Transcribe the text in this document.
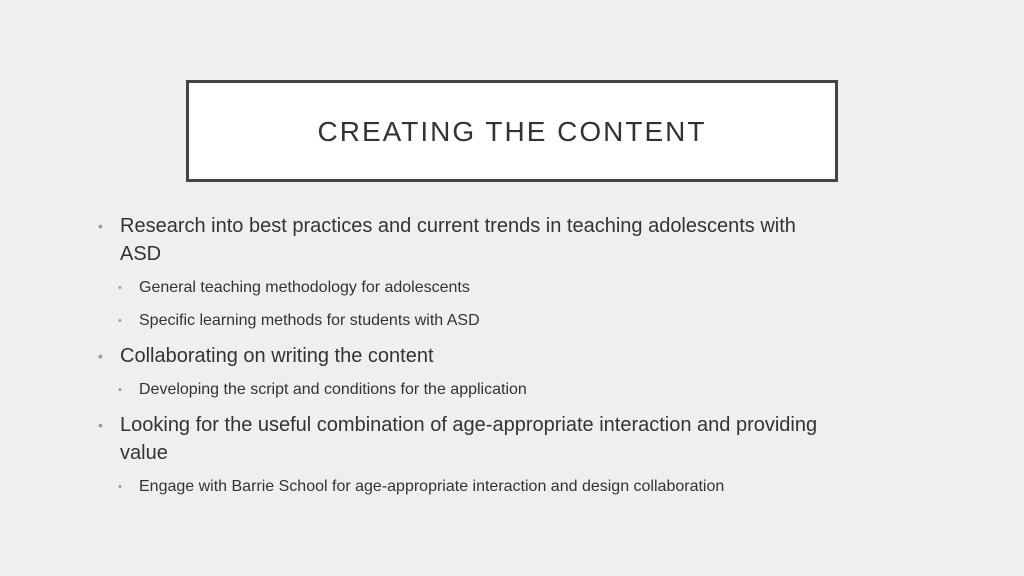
CREATING THE CONTENT
• Research into best practices and current trends in teaching adolescents with ASD
• General teaching methodology for adolescents
• Specific learning methods for students with ASD
• Collaborating on writing the content
• Developing the script and conditions for the application
• Looking for the useful combination of age-appropriate interaction and providing value
• Engage with Barrie School for age-appropriate interaction and design collaboration
